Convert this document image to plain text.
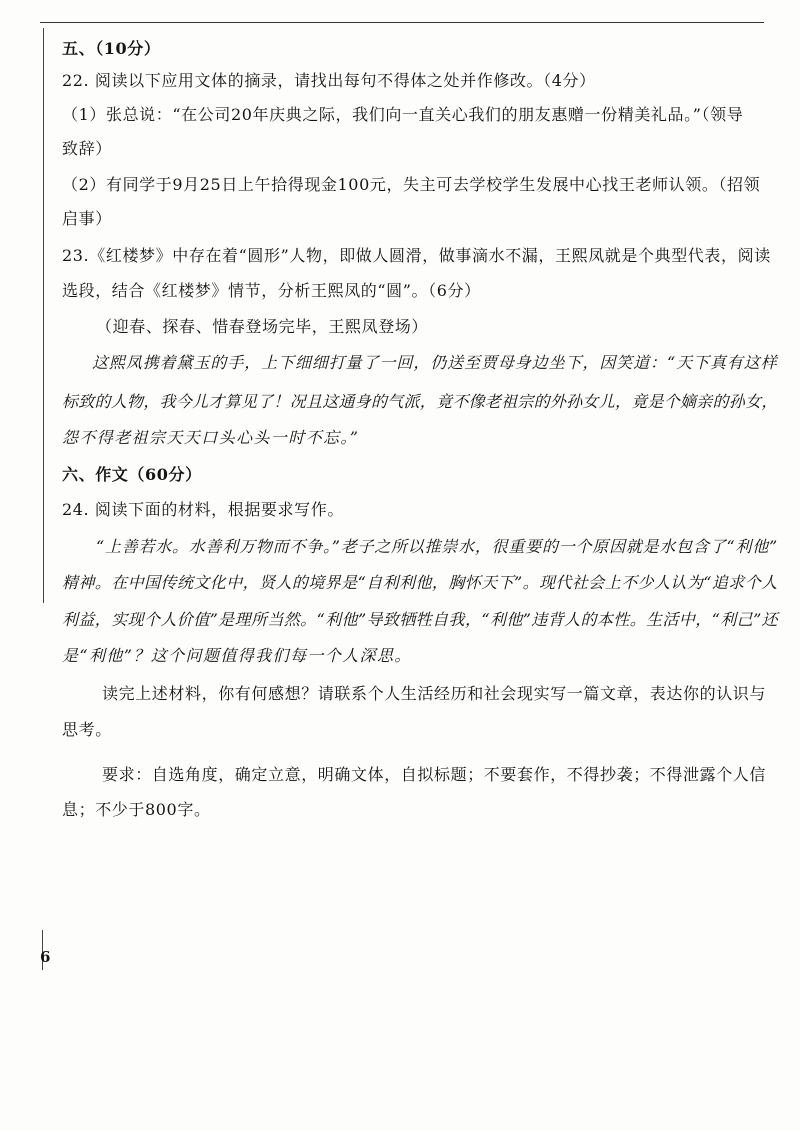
五、（10分）
22. 阅读以下应用文体的摘录，请找出每句不得体之处并作修改。（4分）
（1）张总说：“在公司20年庆典之际，我们向一直关心我们的朋友惠赠一份精美礼品。”（领导
致辞）
（2）有同学于9月25日上午拾得现金100元，失主可去学校学生发展中心找王老师认领。（招领
启事）
23.《红楼梦》中存在着“圆形”人物，即做人圆滑，做事滴水不漏，王熙凤就是个典型代表，阅读
选段，结合《红楼梦》情节，分析王熙凤的“圆”。（6分）
（迎春、探春、惜春登场完毕，王熙凤登场）
这熙凤携着黛玉的手，上下细细打量了一回，仍送至贾母身边坐下，因笑道：“天下真有这样
标致的人物，我今儿才算见了！况且这通身的气派，竟不像老祖宗的外孙女儿，竟是个嫡亲的孙女，
怨不得老祖宗天天口头心头一时不忘。”
六、作文（60分）
24. 阅读下面的材料，根据要求写作。
“上善若水。水善利万物而不争。”老子之所以推崇水，很重要的一个原因就是水包含了“利他”
精神。在中国传统文化中，贤人的境界是“自利利他，胸怀天下”。现代社会上不少人认为“追求个人
利益，实现个人价值”是理所当然。“利他”导致牺牲自我，“利他”违背人的本性。生活中，“利己”还
是“利他”？这个问题值得我们每一个人深思。
读完上述材料，你有何感想？请联系个人生活经历和社会现实写一篇文章，表达你的认识与
思考。
要求：自选角度，确定立意，明确文体，自拟标题；不要套作，不得抄袭；不得泄露个人信
息；不少于800字。
6
